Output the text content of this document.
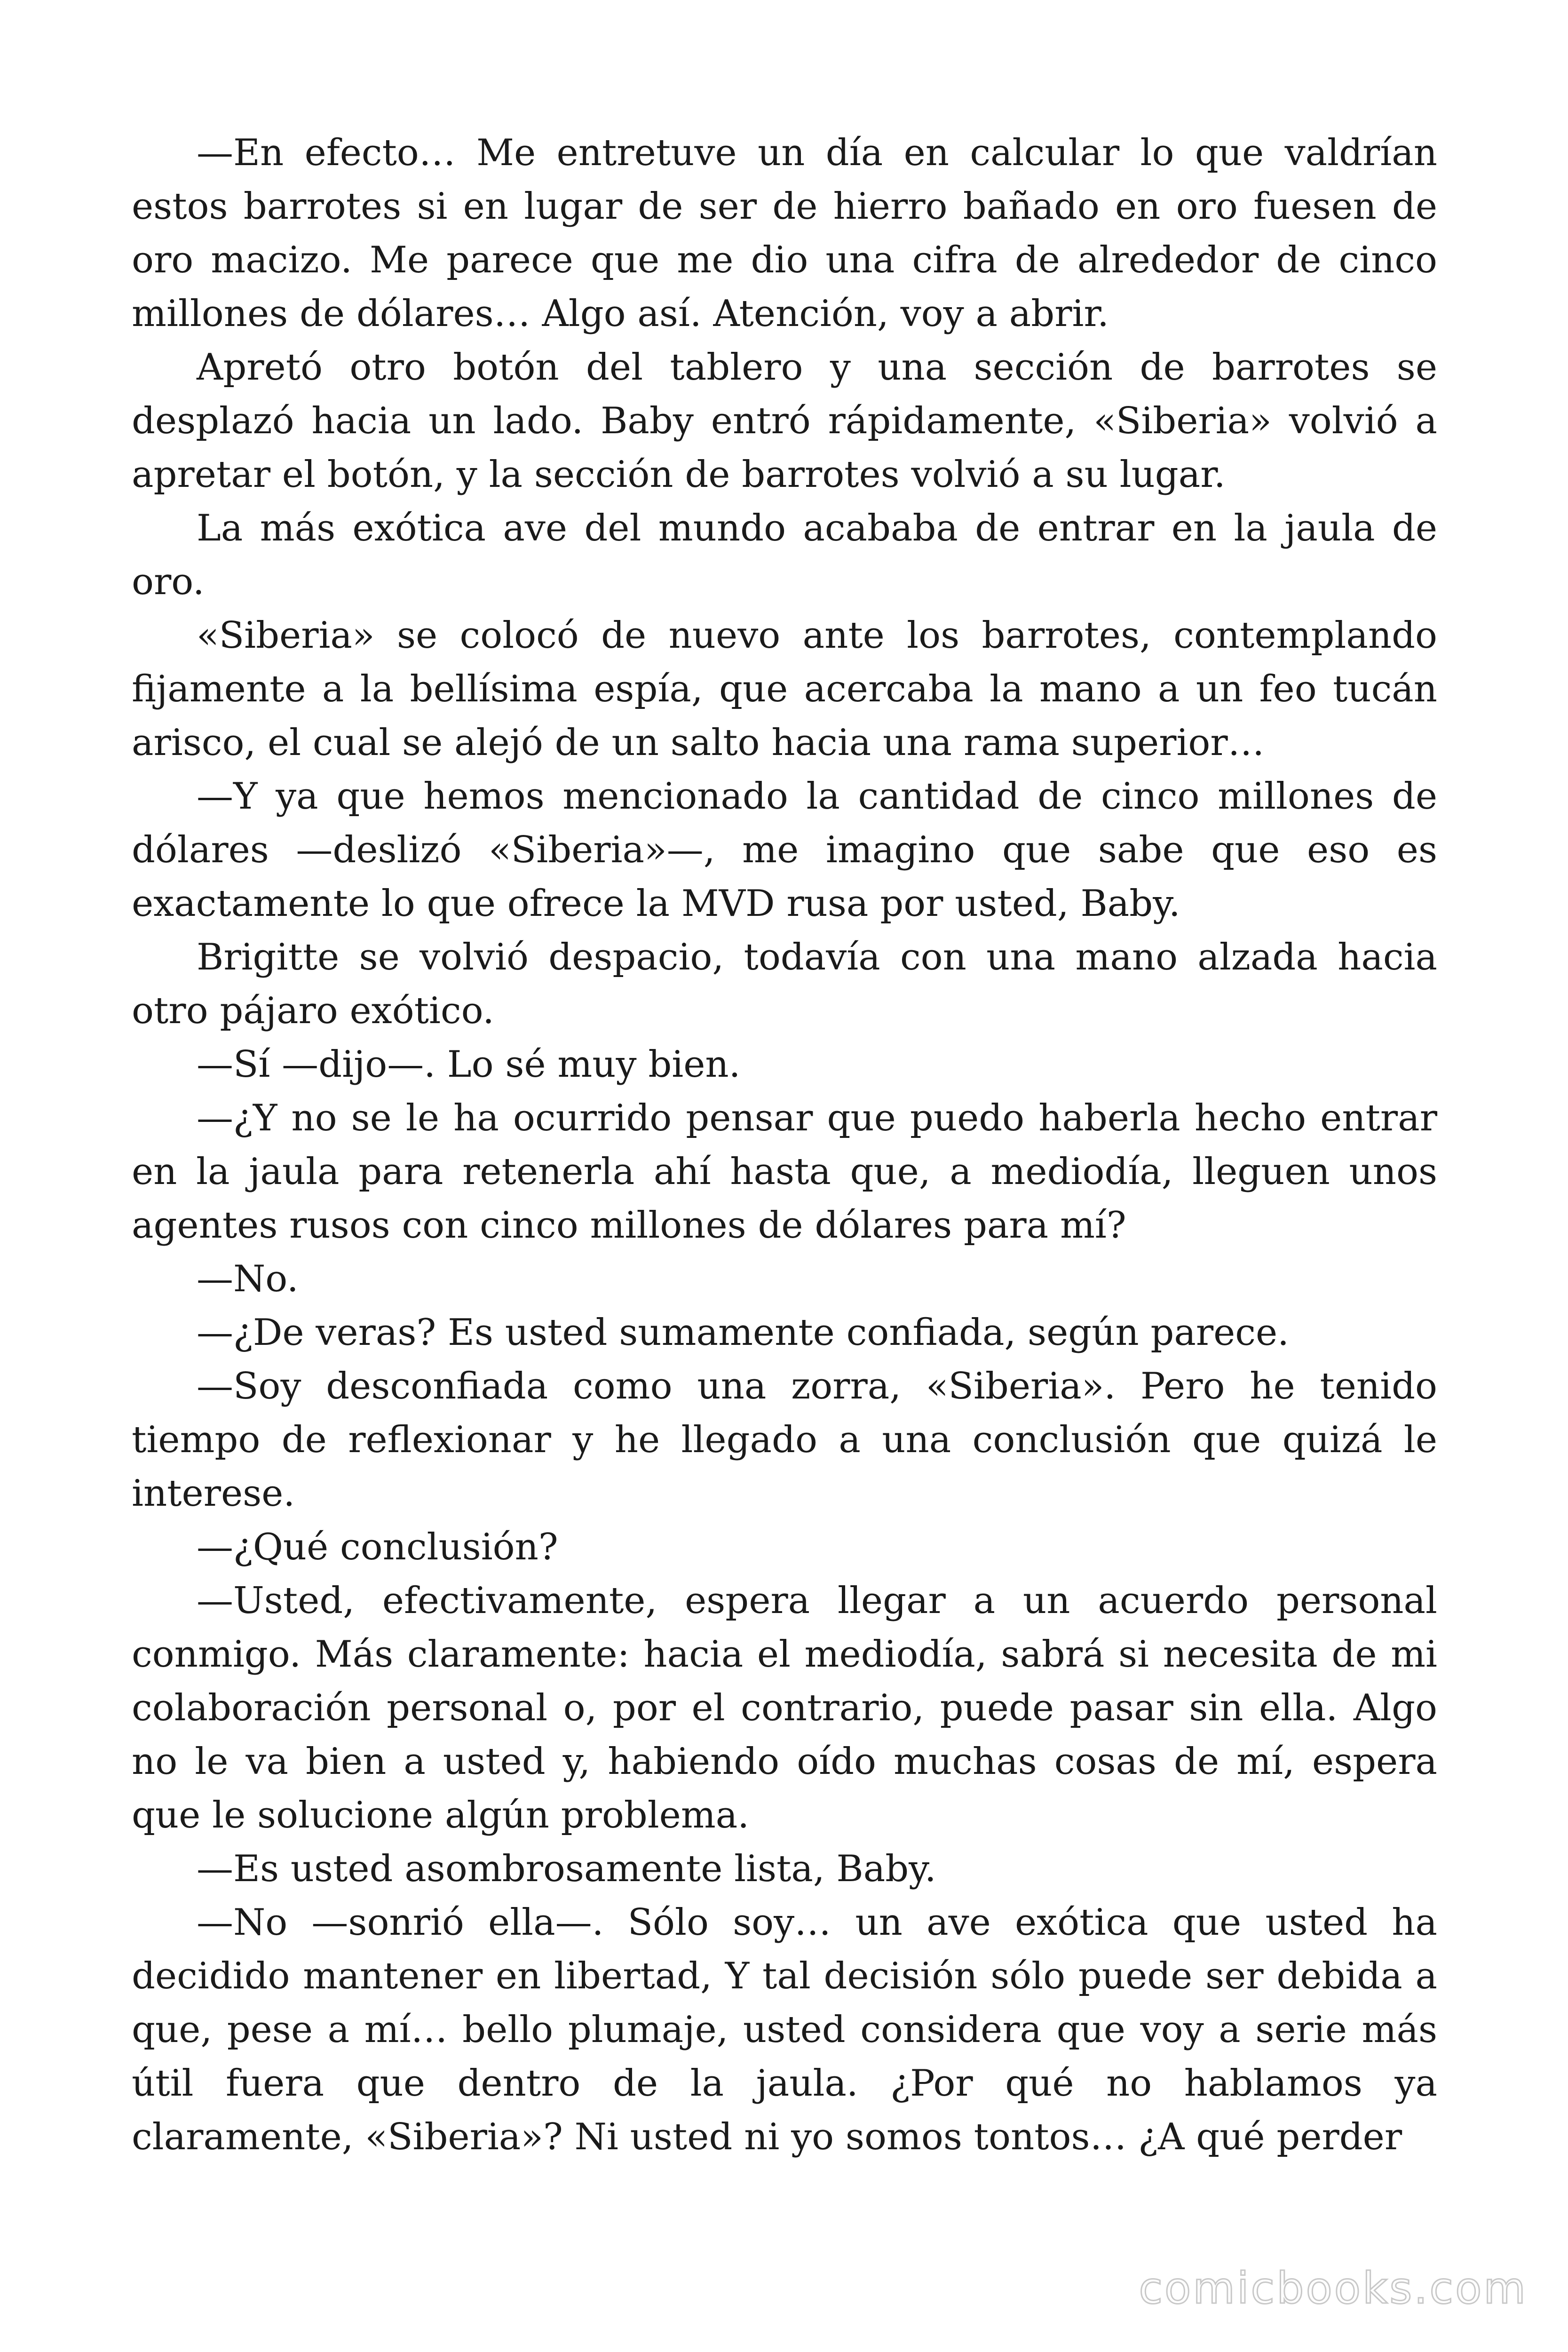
—En efecto… Me entretuve un día en calcular lo que valdrían estos barrotes si en lugar de ser de hierro bañado en oro fuesen de oro macizo. Me parece que me dio una cifra de alrededor de cinco millones de dólares… Algo así. Atención, voy a abrir.

Apretó otro botón del tablero y una sección de barrotes se desplazó hacia un lado. Baby entró rápidamente, «Siberia» volvió a apretar el botón, y la sección de barrotes volvió a su lugar.

La más exótica ave del mundo acababa de entrar en la jaula de oro.

«Siberia» se colocó de nuevo ante los barrotes, contemplando fijamente a la bellísima espía, que acercaba la mano a un feo tucán arisco, el cual se alejó de un salto hacia una rama superior…

—Y ya que hemos mencionado la cantidad de cinco millones de dólares —deslizó «Siberia»—, me imagino que sabe que eso es exactamente lo que ofrece la MVD rusa por usted, Baby.

Brigitte se volvió despacio, todavía con una mano alzada hacia otro pájaro exótico.

—Sí —dijo—. Lo sé muy bien.

—¿Y no se le ha ocurrido pensar que puedo haberla hecho entrar en la jaula para retenerla ahí hasta que, a mediodía, lleguen unos agentes rusos con cinco millones de dólares para mí?

—No.

—¿De veras? Es usted sumamente confiada, según parece.

—Soy desconfiada como una zorra, «Siberia». Pero he tenido tiempo de reflexionar y he llegado a una conclusión que quizá le interese.

—¿Qué conclusión?

—Usted, efectivamente, espera llegar a un acuerdo personal conmigo. Más claramente: hacia el mediodía, sabrá si necesita de mi colaboración personal o, por el contrario, puede pasar sin ella. Algo no le va bien a usted y, habiendo oído muchas cosas de mí, espera que le solucione algún problema.

—Es usted asombrosamente lista, Baby.

—No —sonrió ella—. Sólo soy… un ave exótica que usted ha decidido mantener en libertad, Y tal decisión sólo puede ser debida a que, pese a mí… bello plumaje, usted considera que voy a serie más útil fuera que dentro de la jaula. ¿Por qué no hablamos ya claramente, «Siberia»? Ni usted ni yo somos tontos… ¿A qué perder

comicbooks.com
